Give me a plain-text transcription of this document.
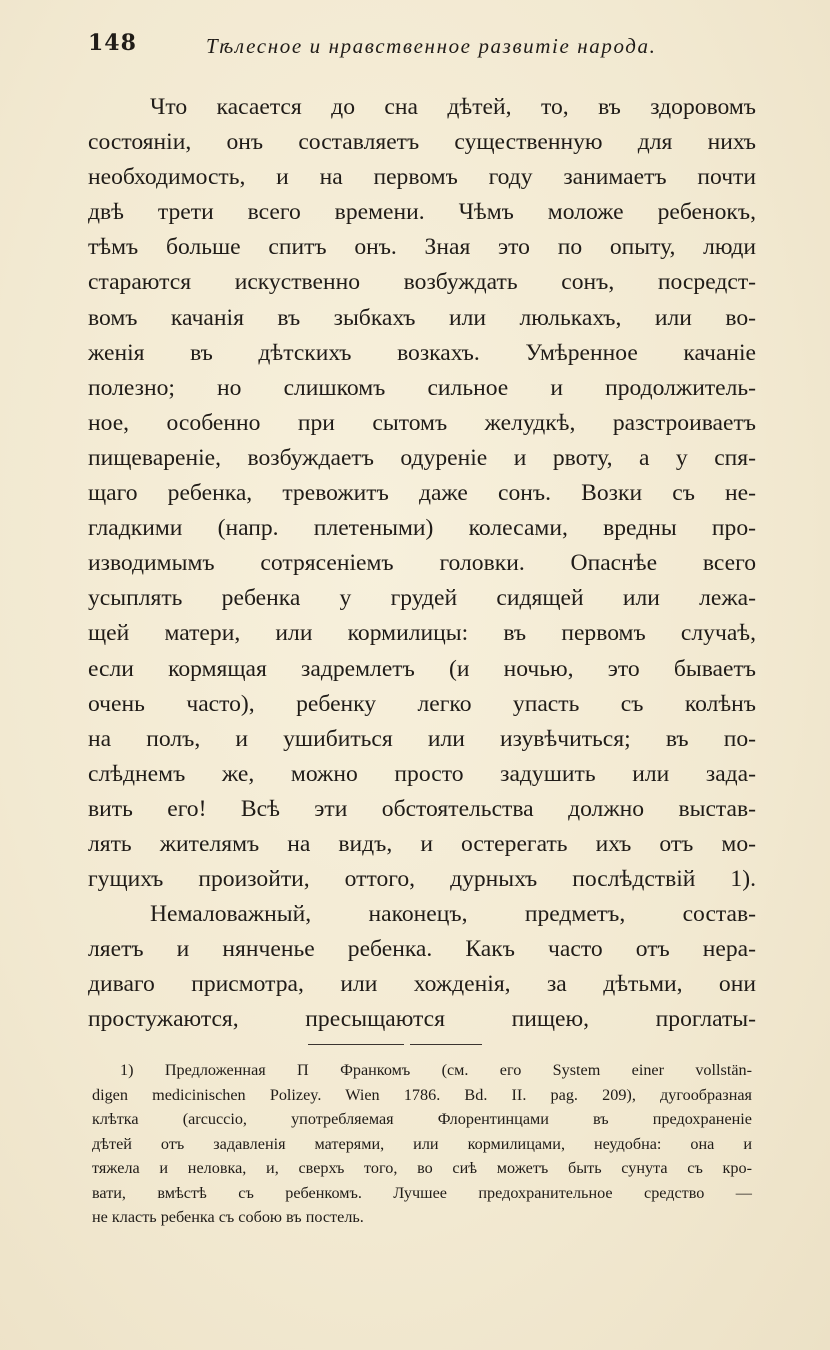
148	Тѣлесное и нравственное развитіе народа.
Что касается до сна дѣтей, то, въ здоровомъ
состояніи, онъ составляетъ существенную для нихъ
необходимость, и на первомъ году занимаетъ почти
двѣ трети всего времени. Чѣмъ моложе ребенокъ,
тѣмъ больше спитъ онъ. Зная это по опыту, люди
стараются искуственно возбуждать сонъ, посредст-
вомъ качанія въ зыбкахъ или люлькахъ, или во-
женія въ дѣтскихъ возкахъ. Умѣренное качаніе
полезно; но слишкомъ сильное и продолжитель-
ное, особенно при сытомъ желудкѣ, разстроиваетъ
пищевареніе, возбуждаетъ одуреніе и рвоту, а у спя-
щаго ребенка, тревожитъ даже сонъ. Возки съ не-
гладкими (напр. плетеными) колесами, вредны про-
изводимымъ сотрясеніемъ головки. Опаснѣе всего
усыплять ребенка у грудей сидящей или лежа-
щей матери, или кормилицы: въ первомъ случаѣ,
если кормящая задремлетъ (и ночью, это бываетъ
очень часто), ребенку легко упасть съ колѣнъ
на полъ, и ушибиться или изувѣчиться; въ по-
слѣднемъ же, можно просто задушить или зада-
вить его! Всѣ эти обстоятельства должно выстав-
лять жителямъ на видъ, и остерегать ихъ отъ мо-
гущихъ произойти, оттого, дурныхъ послѣдствій 1).
Немаловажный, наконецъ, предметъ, состав-
ляетъ и нянченье ребенка. Какъ часто отъ нера-
диваго присмотра, или хожденія, за дѣтьми, они
простужаются, пресыщаются пищею, проглаты-
1) Предложенная П Франкомъ (см. его System einer vollstän-
digen medicinischen Polizey. Wien 1786. Bd. II. pag. 209), дугообразная
клѣтка (arcuccio, употребляемая Флорентинцами въ предохраненіе
дѣтей отъ задавленія матерями, или кормилицами, неудобна: она и
тяжела и неловка, и, сверхъ того, во сиѣ можетъ быть сунута съ кро-
вати, вмѣстѣ съ ребенкомъ. Лучшее предохранительное средство —
не класть ребенка съ собою въ постель.
